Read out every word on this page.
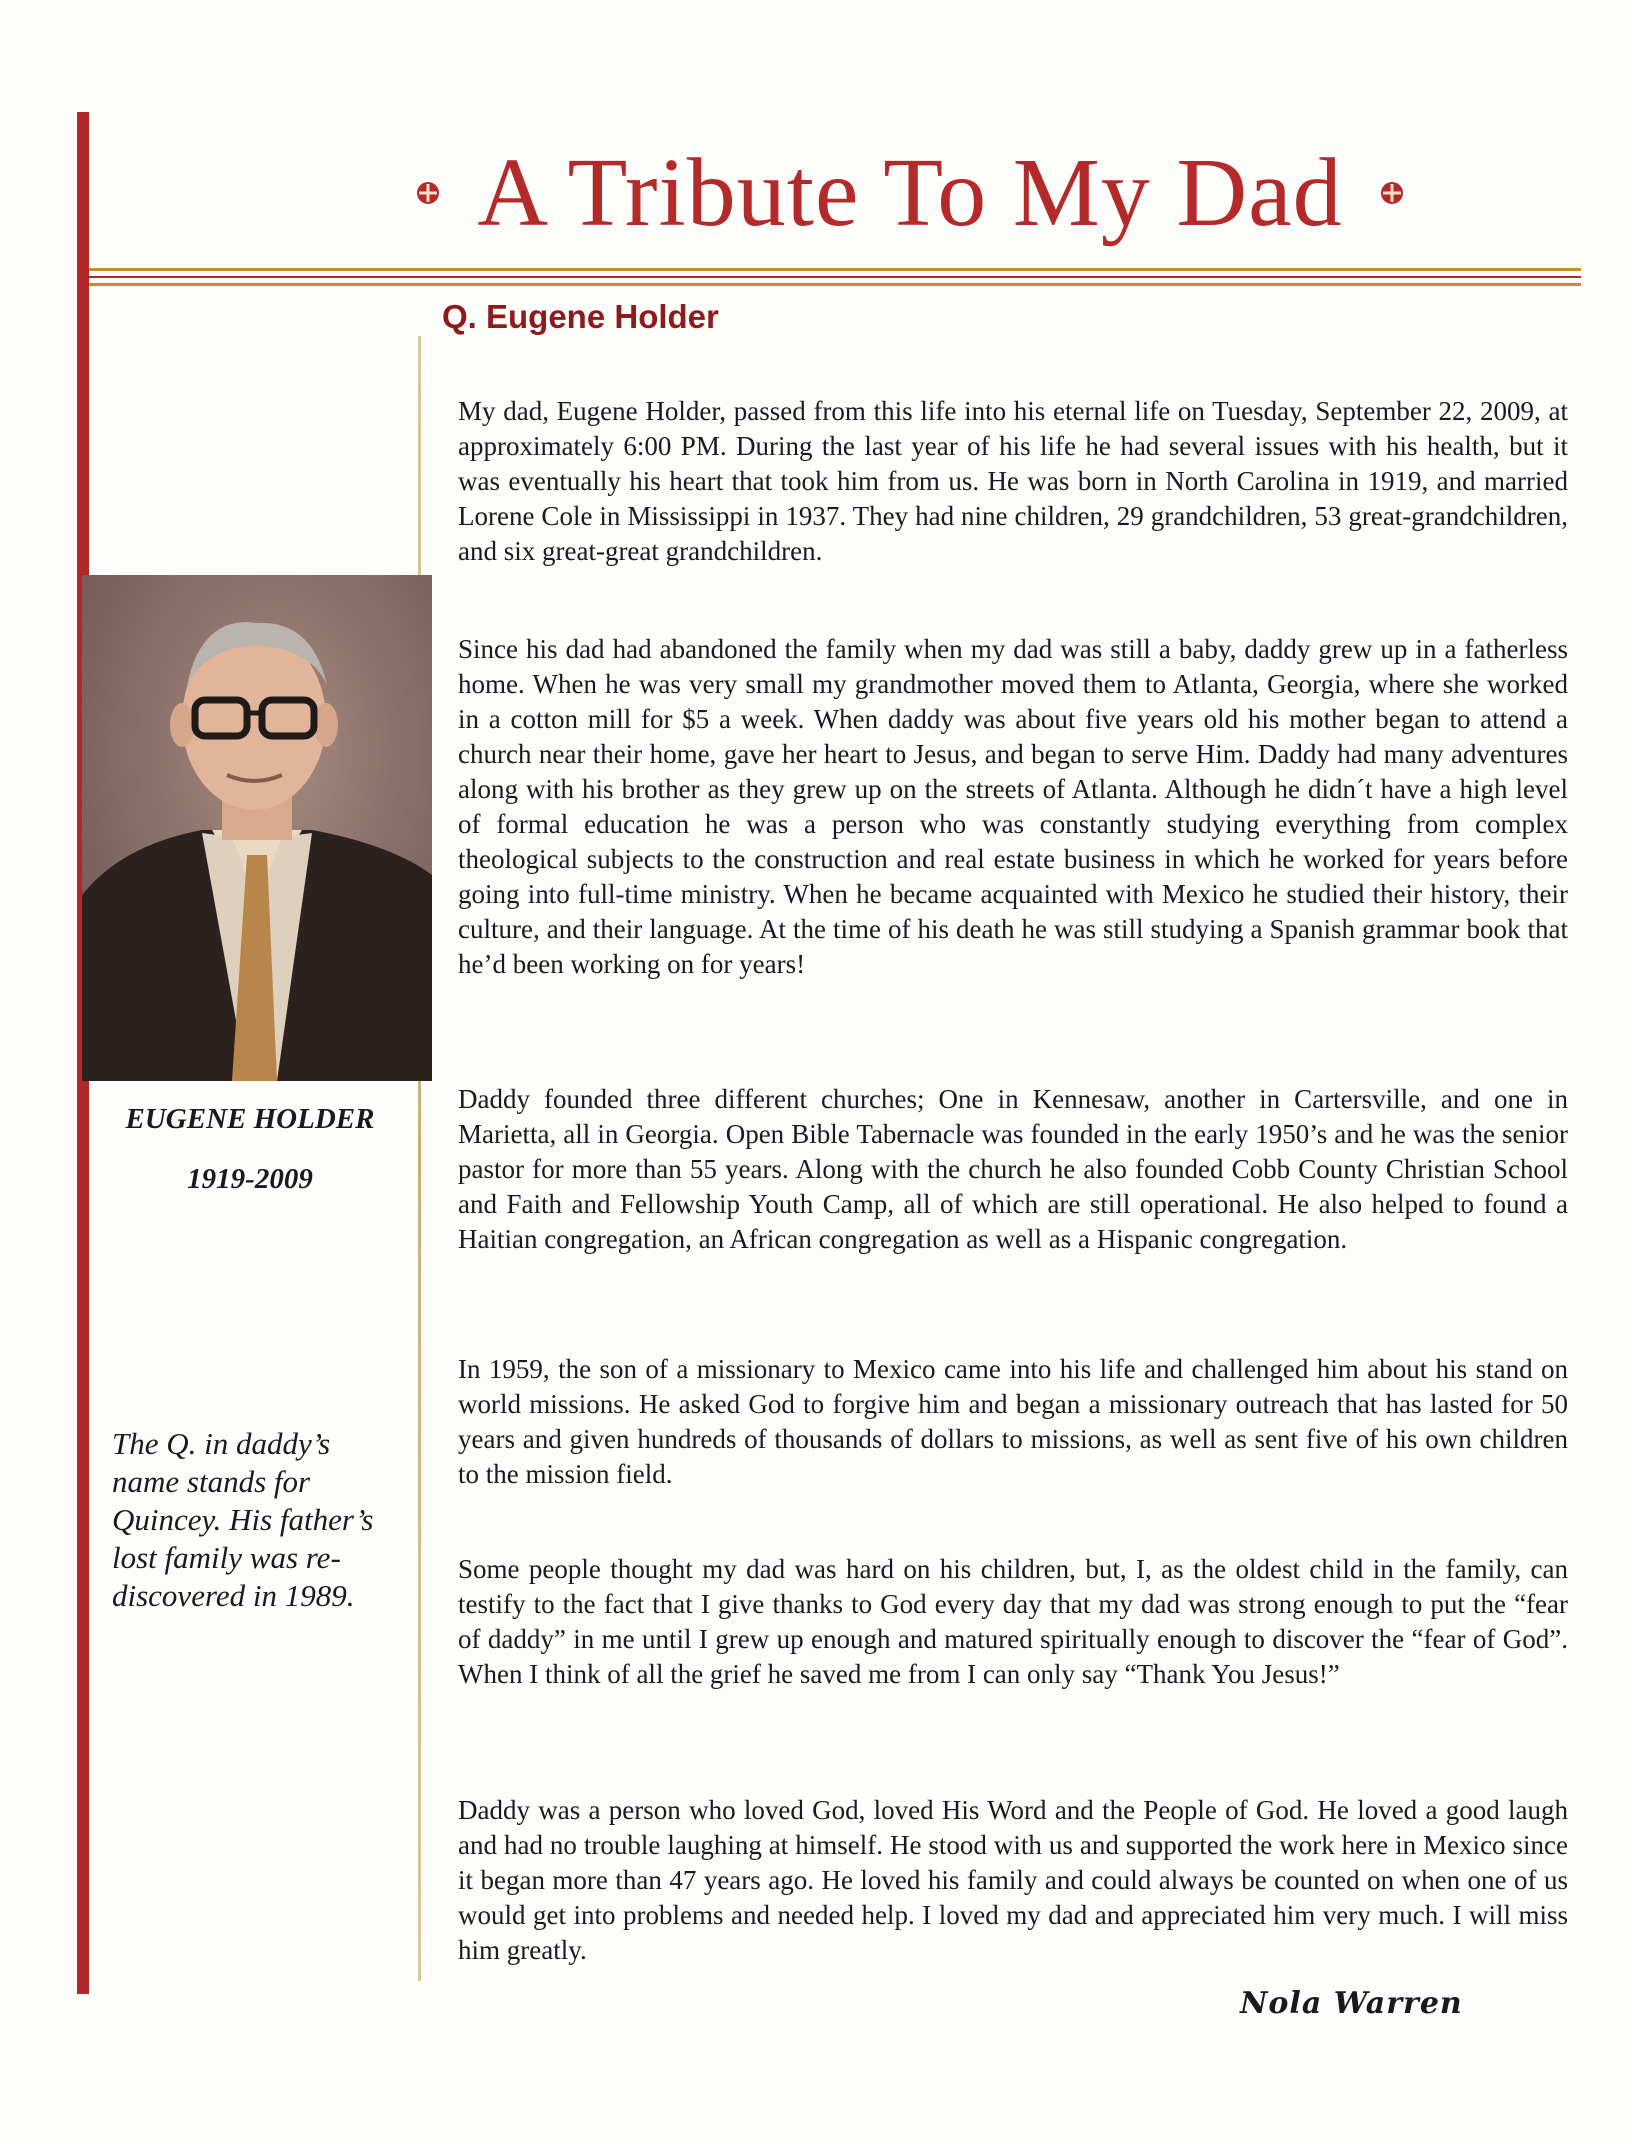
A Tribute To My Dad
Q. Eugene Holder

EUGENE HOLDER

1919-2009

The Q. in daddy’s name stands for Quincey. His father’s lost family was re-discovered in 1989.

My dad, Eugene Holder, passed from this life into his eternal life on Tuesday, September 22, 2009, at approximately 6:00 PM. During the last year of his life he had several issues with his health, but it was eventually his heart that took him from us. He was born in North Carolina in 1919, and married Lorene Cole in Mississippi in 1937. They had nine children, 29 grandchildren, 53 great-grandchildren, and six great-great grandchildren.

Since his dad had abandoned the family when my dad was still a baby, daddy grew up in a fatherless home. When he was very small my grandmother moved them to Atlanta, Georgia, where she worked in a cotton mill for $5 a week. When daddy was about five years old his mother began to attend a church near their home, gave her heart to Jesus, and began to serve Him. Daddy had many adventures along with his brother as they grew up on the streets of Atlanta. Although he didn´t have a high level of formal education he was a person who was constantly studying everything from complex theological subjects to the construction and real estate business in which he worked for years before going into full-time ministry. When he became acquainted with Mexico he studied their history, their culture, and their language. At the time of his death he was still studying a Spanish grammar book that he’d been working on for years!

Daddy founded three different churches; One in Kennesaw, another in Cartersville, and one in Marietta, all in Georgia. Open Bible Tabernacle was founded in the early 1950’s and he was the senior pastor for more than 55 years. Along with the church he also founded Cobb County Christian School and Faith and Fellowship Youth Camp, all of which are still operational. He also helped to found a Haitian congregation, an African congregation as well as a Hispanic congregation.

In 1959, the son of a missionary to Mexico came into his life and challenged him about his stand on world missions. He asked God to forgive him and began a missionary outreach that has lasted for 50 years and given hundreds of thousands of dollars to missions, as well as sent five of his own children to the mission field.

Some people thought my dad was hard on his children, but, I, as the oldest child in the family, can testify to the fact that I give thanks to God every day that my dad was strong enough to put the “fear of daddy” in me until I grew up enough and matured spiritually enough to discover the “fear of God”. When I think of all the grief he saved me from I can only say “Thank You Jesus!”

Daddy was a person who loved God, loved His Word and the People of God. He loved a good laugh and had no trouble laughing at himself. He stood with us and supported the work here in Mexico since it began more than 47 years ago. He loved his family and could always be counted on when one of us would get into problems and needed help. I loved my dad and appreciated him very much. I will miss him greatly.

Nola Warren
